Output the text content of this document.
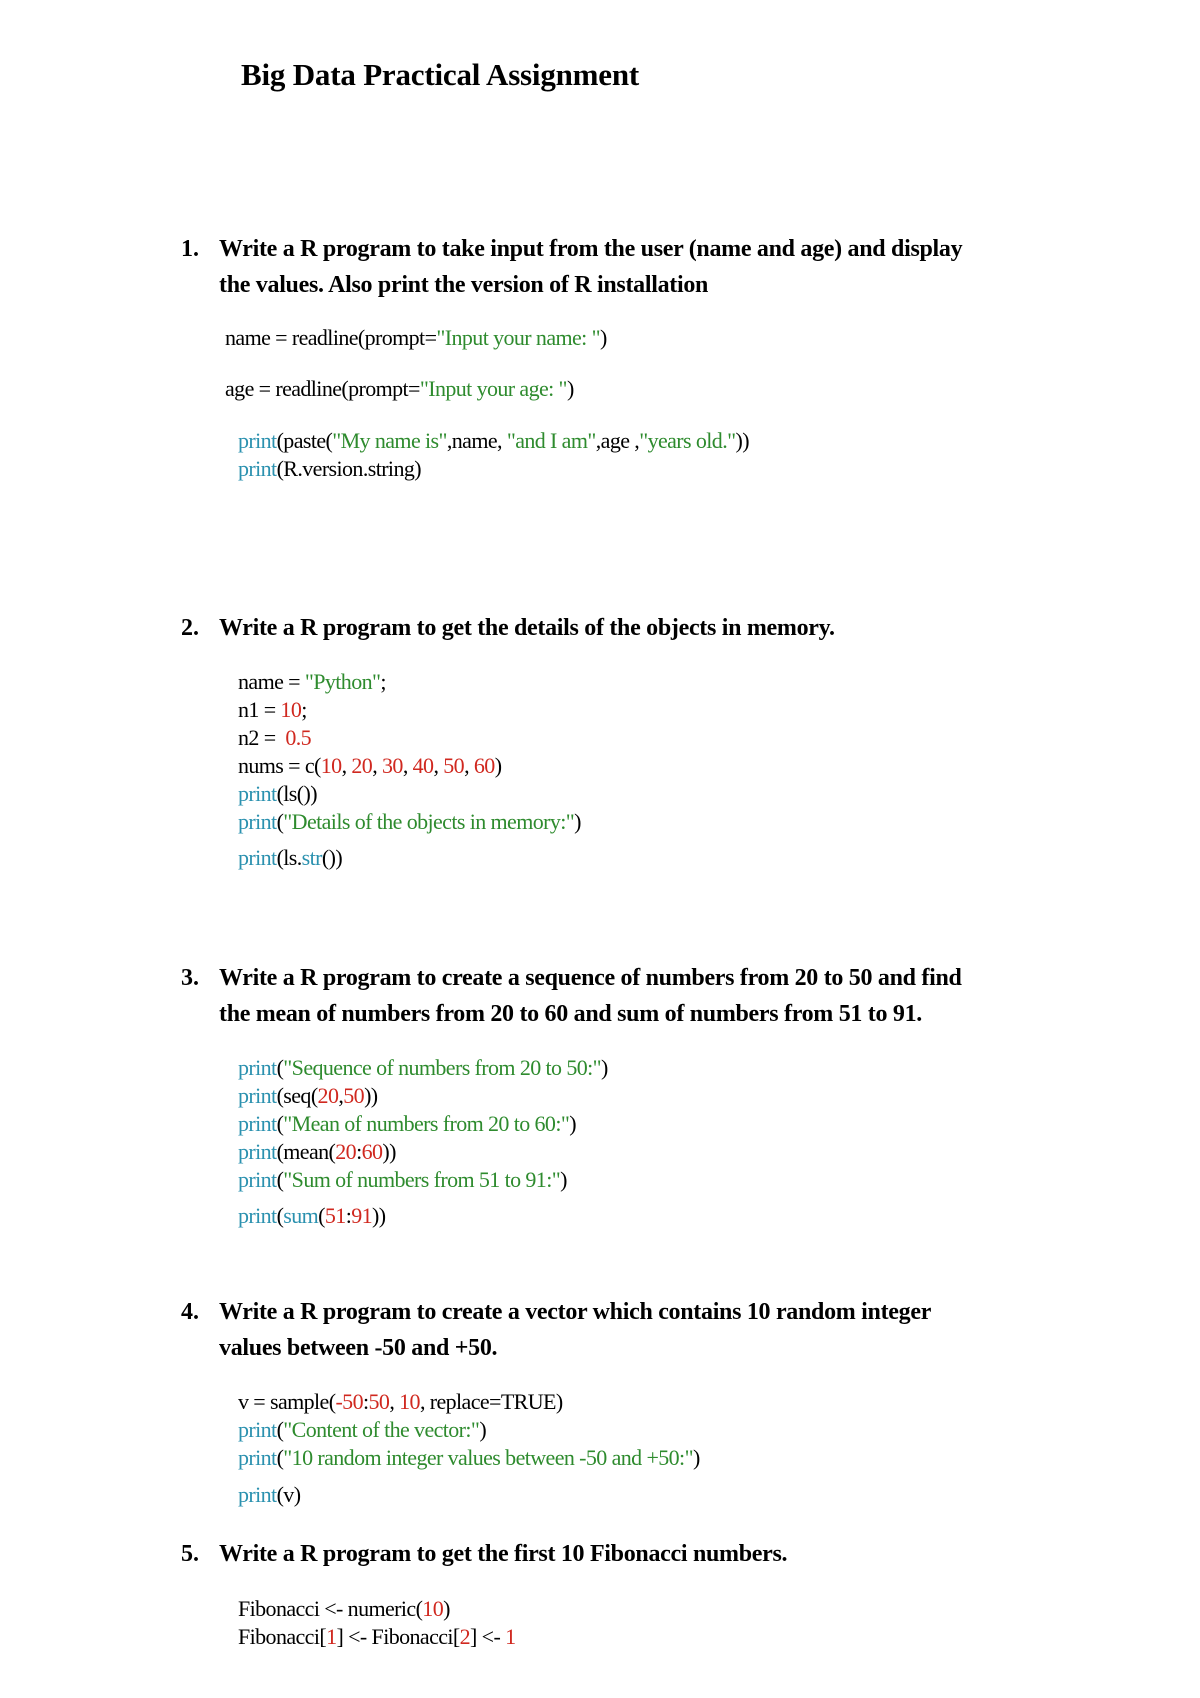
Big Data Practical Assignment
1. Write a R program to take input from the user (name and age) and display
the values. Also print the version of R installation
name = readline(prompt="Input your name: ")
age = readline(prompt="Input your age: ")
print(paste("My name is",name, "and I am",age ,"years old."))
print(R.version.string)
2. Write a R program to get the details of the objects in memory.
name = "Python";
n1 = 10;
n2 =  0.5
nums = c(10, 20, 30, 40, 50, 60)
print(ls())
print("Details of the objects in memory:")
print(ls.str())
3. Write a R program to create a sequence of numbers from 20 to 50 and find
the mean of numbers from 20 to 60 and sum of numbers from 51 to 91.
print("Sequence of numbers from 20 to 50:")
print(seq(20,50))
print("Mean of numbers from 20 to 60:")
print(mean(20:60))
print("Sum of numbers from 51 to 91:")
print(sum(51:91))
4. Write a R program to create a vector which contains 10 random integer
values between -50 and +50.
v = sample(-50:50, 10, replace=TRUE)
print("Content of the vector:")
print("10 random integer values between -50 and +50:")
print(v)
5. Write a R program to get the first 10 Fibonacci numbers.
Fibonacci <- numeric(10)
Fibonacci[1] <- Fibonacci[2] <- 1
